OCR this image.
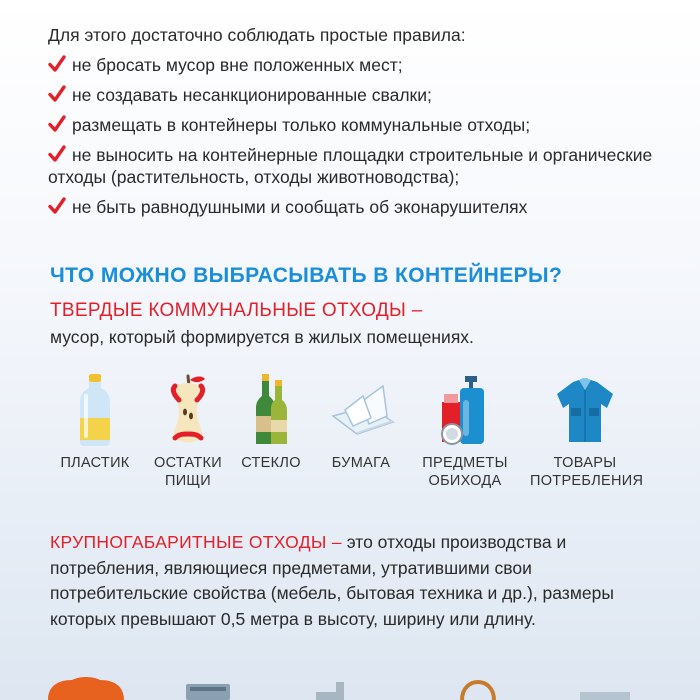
Для этого достаточно соблюдать простые правила:
не бросать мусор вне положенных мест;
не создавать несанкционированные свалки;
размещать в контейнеры только коммунальные отходы;
не выносить на контейнерные площадки строительные и органические отходы (растительность, отходы животноводства);
не быть равнодушными и сообщать об эконарушителях
ЧТО МОЖНО ВЫБРАСЫВАТЬ В КОНТЕЙНЕРЫ?
ТВЕРДЫЕ КОММУНАЛЬНЫЕ ОТХОДЫ –
мусор, который формируется в жилых помещениях.
ПЛАСТИК	ОСТАТКИ
ПИЩИ
СТЕКЛО	БУМАГА	ПРЕДМЕТЫ
ОБИХОДА
ТОВАРЫ
ПОТРЕБЛЕНИЯ
КРУПНОГАБАРИТНЫЕ ОТХОДЫ – это отходы производства и потребления, являющиеся предметами, утратившими свои потребительские свойства (мебель, бытовая техника и др.), размеры которых превышают 0,5 метра в высоту, ширину или длину.
